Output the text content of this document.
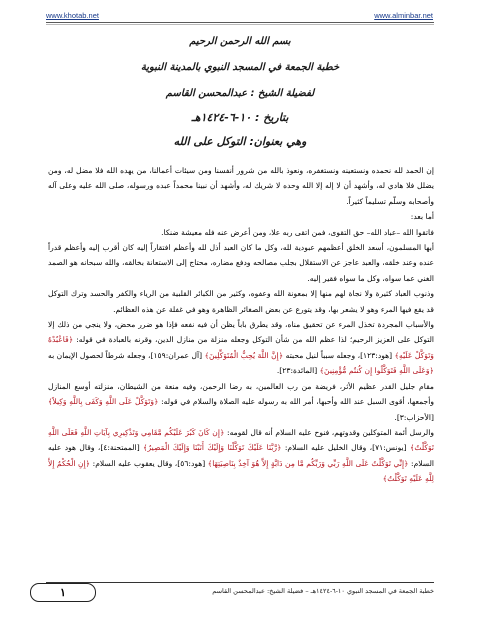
www.khotab.net	www.alminbar.net
بسم الله الرحمن الرحيم
خطبة الجمعة في المسجد النبوي بالمدينة النبوية
لفضيلة الشيخ : عبدالمحسن القاسم
بتاريخ : ١٠-٦-١٤٢٤هـ
وهي بعنوان: التوكل على الله

إن الحمد لله نحمده ونستعينه ونستغفره، ونعوذ بالله من شرور أنفسنا ومن سيئات أعمالنا، من يهده الله فلا مضل له، ومن يضلل فلا هادي له، وأشهد أن لا إله إلا الله وحده لا شريك له، وأشهد أن نبينا محمداً عبده ورسوله، صلى الله عليه وعلى آله وأصحابه وسلّم تسليماً كثيراً.

أما بعد:

فاتقوا الله –عباد الله– حق التقوى، فمن اتقى ربه علا، ومن أعرض عنه فله معيشة ضنكا.

أيها المسلمون، أسعد الخلق أعظمهم عبودية لله، وكل ما كان العبد أذل لله وأعظم افتقاراً إليه كان أقرب إليه وأعظم قدراً عنده وعند خلقه، والعبد عاجز عن الاستقلال بجلب مصالحه ودفع مضاره، محتاج إلى الاستعانة بخالقه، والله سبحانه هو الصمد الغني عما سواه، وكل ما سواه فقير إليه.

وذنوب العباد كثيرة ولا نجاة لهم منها إلا بمعونة الله وعفوه، وكثير من الكبائر القلبية من الرياء والكفر والحسد وترك التوكل قد يقع فيها المرء وهو لا يشعر بها، وقد يتورع عن بعض الصغائر الظاهرة وهو في غفلة عن هذه العظائم.

والأسباب المجردة تخذل المرء عن تحقيق مناه، وقد يطرق باباً يظن أن فيه نفعه فإذا هو ضرر محض، ولا ينجي من ذلك إلا التوكل على العزيز الرحيم؛ لذا عظم الله من شأن التوكل وجعله منزلة من منازل الدين، وقرنه بالعبادة في قوله: ﴿فَاعْبُدْهُ وَتَوَكَّلْ عَلَيْهِ﴾ [هود:١٢٣]، وجعله سبباً لنيل محبته ﴿إِنَّ اللَّهَ يُحِبُّ الْمُتَوَكِّلِينَ﴾ [آل عمران:١٥٩]، وجعله شرطاً لحصول الإيمان به ﴿وَعَلَى اللَّهِ فَتَوَكَّلُوا إِن كُنتُم مُّؤْمِنِينَ﴾ [المائدة:٢٣].

مقام جليل القدر عظيم الأثر، فريضة من رب العالمين، به رضا الرحمن، وفيه منعة من الشيطان، منزلته أوسع المنازل وأجمعها، أقوى السبل عند الله وأحبها، أمر الله به رسوله عليه الصلاة والسلام في قوله: ﴿وَتَوَكَّلْ عَلَى اللَّهِ وَكَفَى بِاللَّهِ وَكِيلاً﴾ [الأحزاب:٣].

والرسل أئمة المتوكلين وقدوتهم، فنوح عليه السلام أنه قال لقومه: ﴿إِن كَانَ كَبُرَ عَلَيْكُم مَّقَامِي وَتَذْكِيرِي بِآيَاتِ اللَّهِ فَعَلَى اللَّهِ تَوَكَّلْتُ﴾ [يونس:٧١]، وقال الخليل عليه السلام: ﴿رَّبَّنَا عَلَيْكَ تَوَكَّلْنَا وَإِلَيْكَ أَنَبْنَا وَإِلَيْكَ الْمَصِيرُ﴾ [الممتحنة:٤]، وقال هود عليه السلام: ﴿إِنِّي تَوَكَّلْتُ عَلَى اللَّهِ رَبِّي وَرَبِّكُم مَّا مِن دَابَّةٍ إِلاَّ هُوَ آخِذٌ بِنَاصِيَتِهَا﴾ [هود:٥٦]، وقال يعقوب عليه السلام: ﴿إِنِ الْحُكْمُ إِلاَّ لِلَّهِ عَلَيْهِ تَوَكَّلْتُ﴾

خطبة الجمعة في المسجد النبوي ١٠-٦-١٤٢٤هـ – فضيلة الشيخ: عبدالمحسن القاسم
١
